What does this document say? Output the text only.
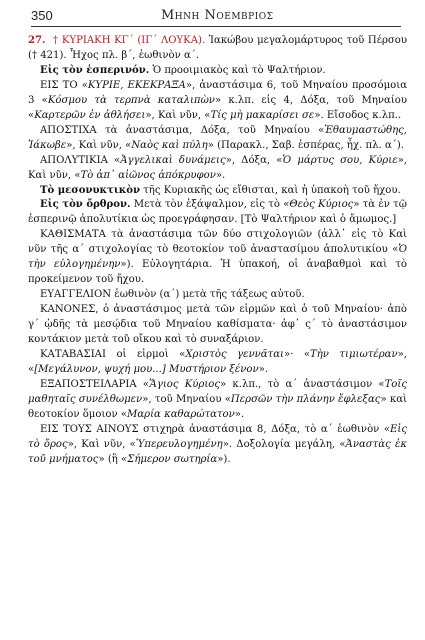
350	Μηνη Νοεμβριος

27. † ΚΥΡΙΑΚΗ ΚΓ΄ (ΙΓ΄ ΛΟΥΚΑ). Ἰακώβου μεγαλομάρτυρος τοῦ Πέρσου († 421). Ἦχος πλ. β΄, ἑωθινὸν α΄.

Εἰς τὸν ἑσπερινόν. Ὁ προοιμιακὸς καὶ τὸ Ψαλτήριον.

ΕΙΣ ΤΟ «ΚΥΡΙΕ, ΕΚΕΚΡΑΞΑ», ἀναστάσιμα 6, τοῦ Μηναίου προσόμοια 3 «Κόσμου τὰ τερπνὰ καταλιπὼν» κ.λπ. εἰς 4, Δόξα, τοῦ Μηναίου «Καρτερῶν ἐν ἀθλήσει», Καὶ νῦν, «Τίς μὴ μακαρίσει σε». Εἴσοδος κ.λπ..

ΑΠΟΣΤΙΧΑ τὰ ἀναστάσιμα, Δόξα, τοῦ Μηναίου «Ἐθαυμαστώθης, Ἰάκωβε», Καὶ νῦν, «Ναὸς καὶ πύλη» (Παρακλ., Σαβ. ἑσπέρας, ἦχ. πλ. α΄).

ΑΠΟΛΥΤΙΚΙΑ «Ἀγγελικαὶ δυνάμεις», Δόξα, «Ὁ μάρτυς σου, Κύριε», Καὶ νῦν, «Τὸ ἀπ᾽ αἰῶνος ἀπόκρυφον».

Τὸ μεσονυκτικὸν τῆς Κυριακῆς ὡς εἴθισται, καὶ ἡ ὑπακοὴ τοῦ ἤχου.

Εἰς τὸν ὄρθρον. Μετὰ τὸν ἑξάψαλμον, εἰς τὸ «Θεὸς Κύριος» τὰ ἐν τῷ ἑσπερινῷ ἀπολυτίκια ὡς προεγράφησαν. [Τὸ Ψαλτήριον καὶ ὁ ἄμωμος.]

ΚΑΘΙΣΜΑΤΑ τὰ ἀναστάσιμα τῶν δύο στιχολογιῶν (ἀλλ᾽ εἰς τὸ Καὶ νῦν τῆς α΄ στιχολογίας τὸ θεοτοκίον τοῦ ἀναστασίμου ἀπολυτικίου «Ὁ τὴν εὐλογημένην»). Εὐλογητάρια. Ἡ ὑπακοή, οἱ ἀναβαθμοὶ καὶ τὸ προκείμενον τοῦ ἤχου.

ΕΥΑΓΓΕΛΙΟΝ ἑωθινὸν (α΄) μετὰ τῆς τάξεως αὐτοῦ.

ΚΑΝΟΝΕΣ, ὁ ἀναστάσιμος μετὰ τῶν εἱρμῶν καὶ ὁ τοῦ Μηναίου· ἀπὸ γ΄ ᾠδῆς τὰ μεσῴδια τοῦ Μηναίου καθίσματα· ἀφ᾽ ς΄ τὸ ἀναστάσιμον κοντάκιον μετὰ τοῦ οἴκου καὶ τὸ συναξάριον.

ΚΑΤΑΒΑΣΙΑΙ οἱ εἱρμοὶ «Χριστὸς γεννᾶται»· «Τὴν τιμιωτέραν», «[Μεγάλυνον, ψυχή μου...] Μυστήριον ξένον».

ΕΞΑΠΟΣΤΕΙΛΑΡΙΑ «Ἅγιος Κύριος» κ.λπ., τὸ α΄ ἀναστάσιμον «Τοῖς μαθηταῖς συνέλθωμεν», τοῦ Μηναίου «Περσῶν τὴν πλάνην ἔφλεξας» καὶ θεοτοκίον ὅμοιον «Μαρία καθαρώτατον».

ΕΙΣ ΤΟΥΣ ΑΙΝΟΥΣ στιχηρὰ ἀναστάσιμα 8, Δόξα, τὸ α΄ ἑωθινὸν «Εἰς τὸ ὄρος», Καὶ νῦν, «Ὑπερευλογημένη». Δοξολογία μεγάλη, «Ἀναστὰς ἐκ τοῦ μνήματος» (ἢ «Σήμερον σωτηρία»).
